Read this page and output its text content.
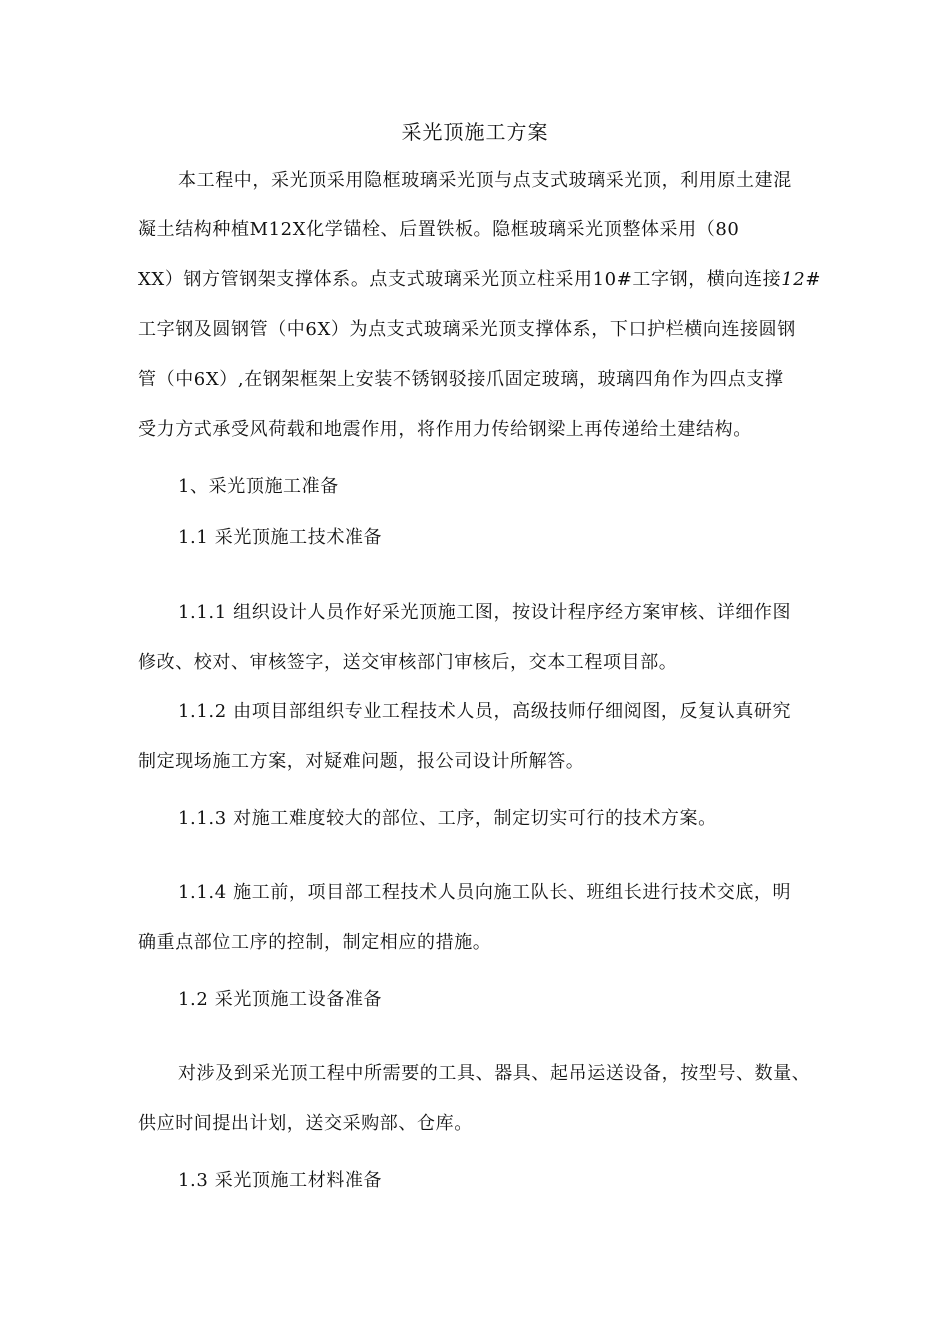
采光顶施工方案
本工程中，采光顶采用隐框玻璃采光顶与点支式玻璃采光顶，利用原土建混
凝土结构种植M12X化学锚栓、后置铁板。隐框玻璃采光顶整体采用（80
XX）钢方管钢架支撑体系。点支式玻璃采光顶立柱采用10#工字钢，横向连接12#
工字钢及圆钢管（中6X）为点支式玻璃采光顶支撑体系，下口护栏横向连接圆钢
管（中6X）,在钢架框架上安装不锈钢驳接爪固定玻璃，玻璃四角作为四点支撑
受力方式承受风荷载和地震作用，将作用力传给钢梁上再传递给土建结构。
1、采光顶施工准备
1.1 采光顶施工技术准备
1.1.1 组织设计人员作好采光顶施工图，按设计程序经方案审核、详细作图
修改、校对、审核签字，送交审核部门审核后，交本工程项目部。
1.1.2 由项目部组织专业工程技术人员，高级技师仔细阅图，反复认真研究
制定现场施工方案，对疑难问题，报公司设计所解答。
1.1.3 对施工难度较大的部位、工序，制定切实可行的技术方案。
1.1.4 施工前，项目部工程技术人员向施工队长、班组长进行技术交底，明
确重点部位工序的控制，制定相应的措施。
1.2 采光顶施工设备准备
对涉及到采光顶工程中所需要的工具、器具、起吊运送设备，按型号、数量、
供应时间提出计划，送交采购部、仓库。
1.3 采光顶施工材料准备
